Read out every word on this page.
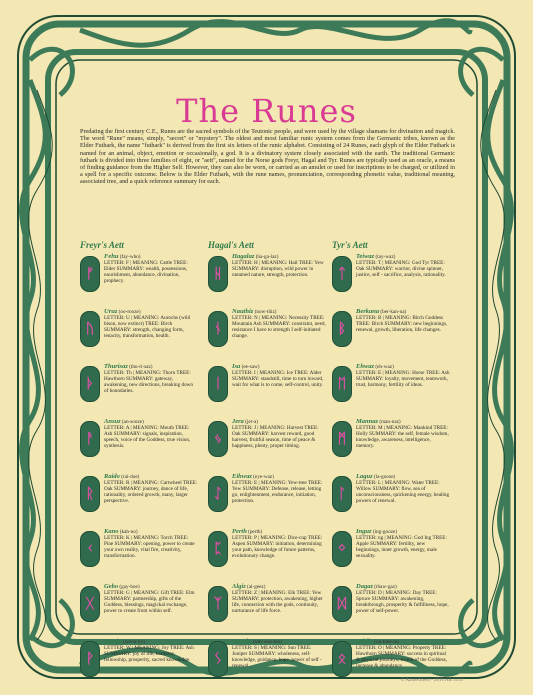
The Runes
Predating the first century C.E., Runes are the sacred symbols of the Teutonic people, and were used by the village shamans for divination and magick. The word "Rune" means, simply, "secret" or "mystery". The oldest and most familiar runic system comes from the Germanic tribes, known as the Elder Futhark, the name "futhark" is derived from the first six letters of the runic alphabet. Consisting of 24 Runes, each glyph of the Elder Futhark is named for an animal, object, emotion or occasionally, a god. It is a divinatory system closely associated with the earth. The traditional Germanic futhark is divided into three families of eight, or "aett", named for the Norse gods Freyr, Hagal and Tyr. Runes are typically used as an oracle, a means of finding guidance from the Higher Self. However, they can also be worn, or carried as an amulet or used for inscriptions to be charged, or utilized in a spell for a specific outcome. Below is the Elder Futhark, with the rune names, pronunciation, corresponding phonetic value, traditional meaning, associated tree, and a quick reference summary for each.
Freyr's Aett	Hagal's Aett	Tyr's Aett
ᚠ
Fehu (fay-who)
LETTER: F | MEANING: Cattle TREE: Elder SUMMARY: wealth, possessions, nourishment, abundance, divination, prophecy.
ᚢ
Uruz (oo-rooze)
LETTER: U | MEANING: Aurochs (wild bison, now extinct) TREE: Birch SUMMARY: strength, changing form, tenacity, transformation, health.
ᚦ
Thurisaz (thu-ri-saz)
LETTER: Th | MEANING: Thorn TREE: Hawthorn SUMMARY: gateway, awakening, new directions, breaking down of boundaries.
ᚨ
Ansuz (an-sooze)
LETTER: A | MEANING: Mouth TREE: Ash SUMMARY: signals, inspiration, speech, voice of the Goddess, true vision, synthesis.
ᚱ
Raido (rai-doe)
LETTER: R | MEANING: Cartwheel TREE: Oak SUMMARY: journey, dance of life, rationality, ordered growth, many, larger perspective.
ᚲ
Kano (kah-no)
LETTER: K | MEANING: Torch TREE: Pine SUMMARY: opening, power to create your own reality, vital fire, creativity, transformation.
ᚷ
Gebo (gay-boe)
LETTER: G | MEANING: Gift TREE: Elm SUMMARY: partnership, gifts of the Goddess, blessings, magickal exchange, power to create from within self.
ᚹ
Wunjo (woon-yo)
LETTER: W | MEANING: Joy TREE: Ash SUMMARY: joy of life, harmony, fellowship, prosperity, sacred knowledge.
ᚺ
Hagalaz (ha-ga-laz)
LETTER: H | MEANING: Hail TREE: Yew SUMMARY: disruption, wild power in untamed nature, strength, protection.
ᚾ
Nauthiz (now-thiz)
LETTER: N | MEANING: Necessity TREE: Mountain Ash SUMMARY: constraint, need, resistance I have to strength I self-initiated change.
ᛁ
Isa (ee-saw)
LETTER: I | MEANING: Ice TREE: Alder SUMMARY: standstill, time to turn inward, wait for what is to come, self-control, unity.
ᛃ
Jera (jer-a)
LETTER: J | MEANING: Harvest TREE: Oak SUMMARY: harvest reward, good harvest, fruitful season, time of peace & happiness, plenty, proper timing.
ᛇ
Eihwaz (eye-waz)
LETTER: E | MEANING: Yew-tree TREE: Yew SUMMARY: Defense, release, letting go, enlightenment, endurance, initiation, protection.
ᛈ
Perth (perth)
LETTER: P | MEANING: Dice-cup TREE: Aspen SUMMARY: initiation, determining your path, knowledge of future patterns, evolutionary change.
ᛉ
Algiz (al-geez)
LETTER: Z | MEANING: Elk TREE: Yew SUMMARY: protection, awakening, higher life, connection with the gods, continuity, nurturance of life force.
ᛊ
Sowelu (soh-wee-loo)
LETTER: S | MEANING: Sun TREE: Juniper SUMMARY: wholeness, self-knowledge, guidance, hope, power of self - renewal.
ᛏ
Teiwaz (tay-waz)
LETTER: T | MEANING: God Tyr TREE: Oak SUMMARY: warrior, divine spinner, justice, self - sacrifice, analysis, rationality.
ᛒ
Berkana (ber-kan-na)
LETTER: B | MEANING: Birch Goddess TREE: Birch SUMMARY: new beginnings, renewal, growth, liberation, life changes.
ᛖ
Ehwaz (eh-waz)
LETTER: E | MEANING: Horse TREE: Ash SUMMARY: loyalty, movement, teamwork, trust, harmony, fertility of ideas.
ᛗ
Mannaz (man-naz)
LETTER: M | MEANING: Mankind TREE: Holly SUMMARY: the self, female wisdom, knowledge, awareness, intelligence, memory.
ᛚ
Laguz (la-gooze)
LETTER: L | MEANING: Water TREE: Willow SUMMARY: flow, sea of unconsciousness, quickening energy, healing powers of renewal.
ᛜ
Inguz (ing-gooze)
LETTER: ng | MEANING: God Ing TREE: Apple SUMMARY: fertility, new beginnings, inner growth, energy, male sexuality.
ᛞ
Dagaz (thaw-gaz)
LETTER: D | MEANING: Day TREE: Spruce SUMMARY: awakening, breakthrough, prosperity & fulfillness, hope, power of self-power.
ᛟ
Othila (oh-thee-la)
LETTER: O | MEANING: Property TREE: Hawthorn SUMMARY: success in spiritual & physical journeys, womb of the Goddess, increase & abundance.
© AzureGreen - 2010 AB 3113
